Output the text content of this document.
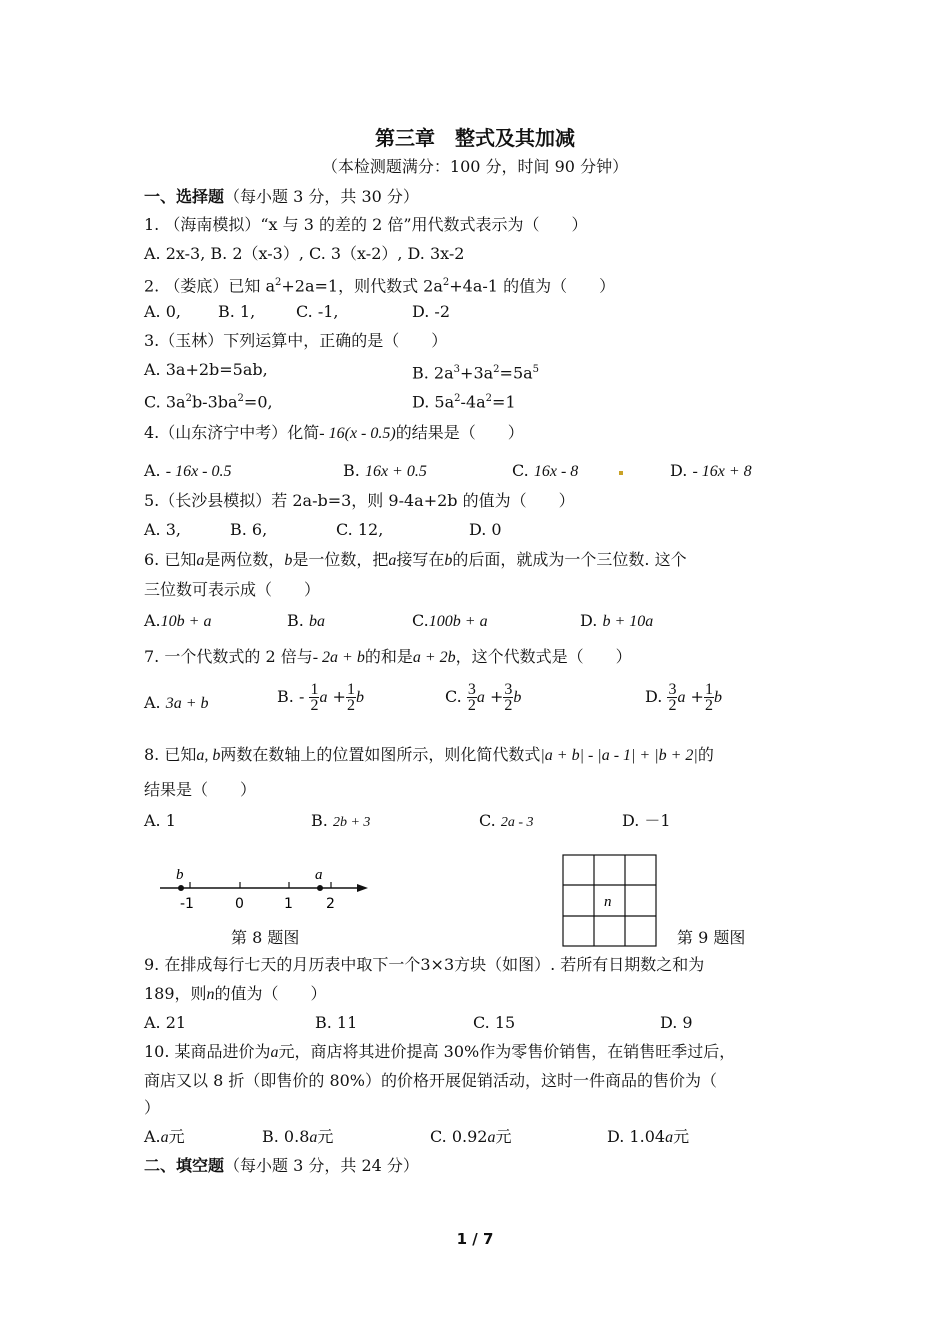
第三章　整式及其加减
（本检测题满分：100 分，时间 90 分钟）
一、选择题（每小题 3 分，共 30 分）
1. （海南模拟）“x 与 3 的差的 2 倍”用代数式表示为（　　）
A. 2x-3, B. 2（x-3）, C. 3（x-2）, D. 3x-2
2. （娄底）已知 $a^2+2a=1$，则代数式 $2a^2+4a-1$ 的值为（　　）
A. 0, B. 1,	C. -1,	D. -2
3.（玉林）下列运算中，正确的是（　　）
A. 3a+2b=5ab,	B. $2a^3+3a^2=5a^5$
C. $3a^2b-3ba^2=0$,	D. $5a^2-4a^2=1$
4.（山东济宁中考）化简- 16(x - 0.5)的结果是（　　）
A. - 16x - 0.5	B. 16x + 0.5	C. 16x - 8	D. - 16x + 8
5.（长沙县模拟）若 2a-b=3，则 9-4a+2b 的值为（　　）
A. 3,	B. 6,	C. 12,	D. 0
6. 已知a是两位数，b是一位数，把a接写在b的后面，就成为一个三位数. 这个
三位数可表示成（　　）
A.10b + a	B. ba	C.100b + a	D. b + 10a
7. 一个代数式的 2 倍与- 2a + b的和是a + 2b，这个代数式是（　　）
A. 3a + b	B. - $\frac{1}{2}$ $a + \frac{1}{2}$ b	C. $\frac{3}{2}$ $a + \frac{3}{2}$ b	D. $\frac{3}{2}$ $a + \frac{1}{2}$ b
8. 已知a, b两数在数轴上的位置如图所示，则化简代数式|a + b| - |a - 1| + |b + 2|的
结果是（　　）
A. 1	B. 2b + 3	C. 2a - 3	D. －1
b	a
-1	0	1 2
第 8 题图
n
第 9 题图
9. 在排成每行七天的月历表中取下一个3×3方块（如图）. 若所有日期数之和为
189，则n的值为（　　）
A. 21	B. 11	C. 15	D. 9
10. 某商品进价为a元，商店将其进价提高 30%作为零售价销售，在销售旺季过后，
商店又以 8 折（即售价的 80%）的价格开展促销活动，这时一件商品的售价为（
）
A.a元	B. 0.8a元	C. 0.92a元	D. 1.04a元
二、填空题（每小题 3 分，共 24 分）
1 / 7
